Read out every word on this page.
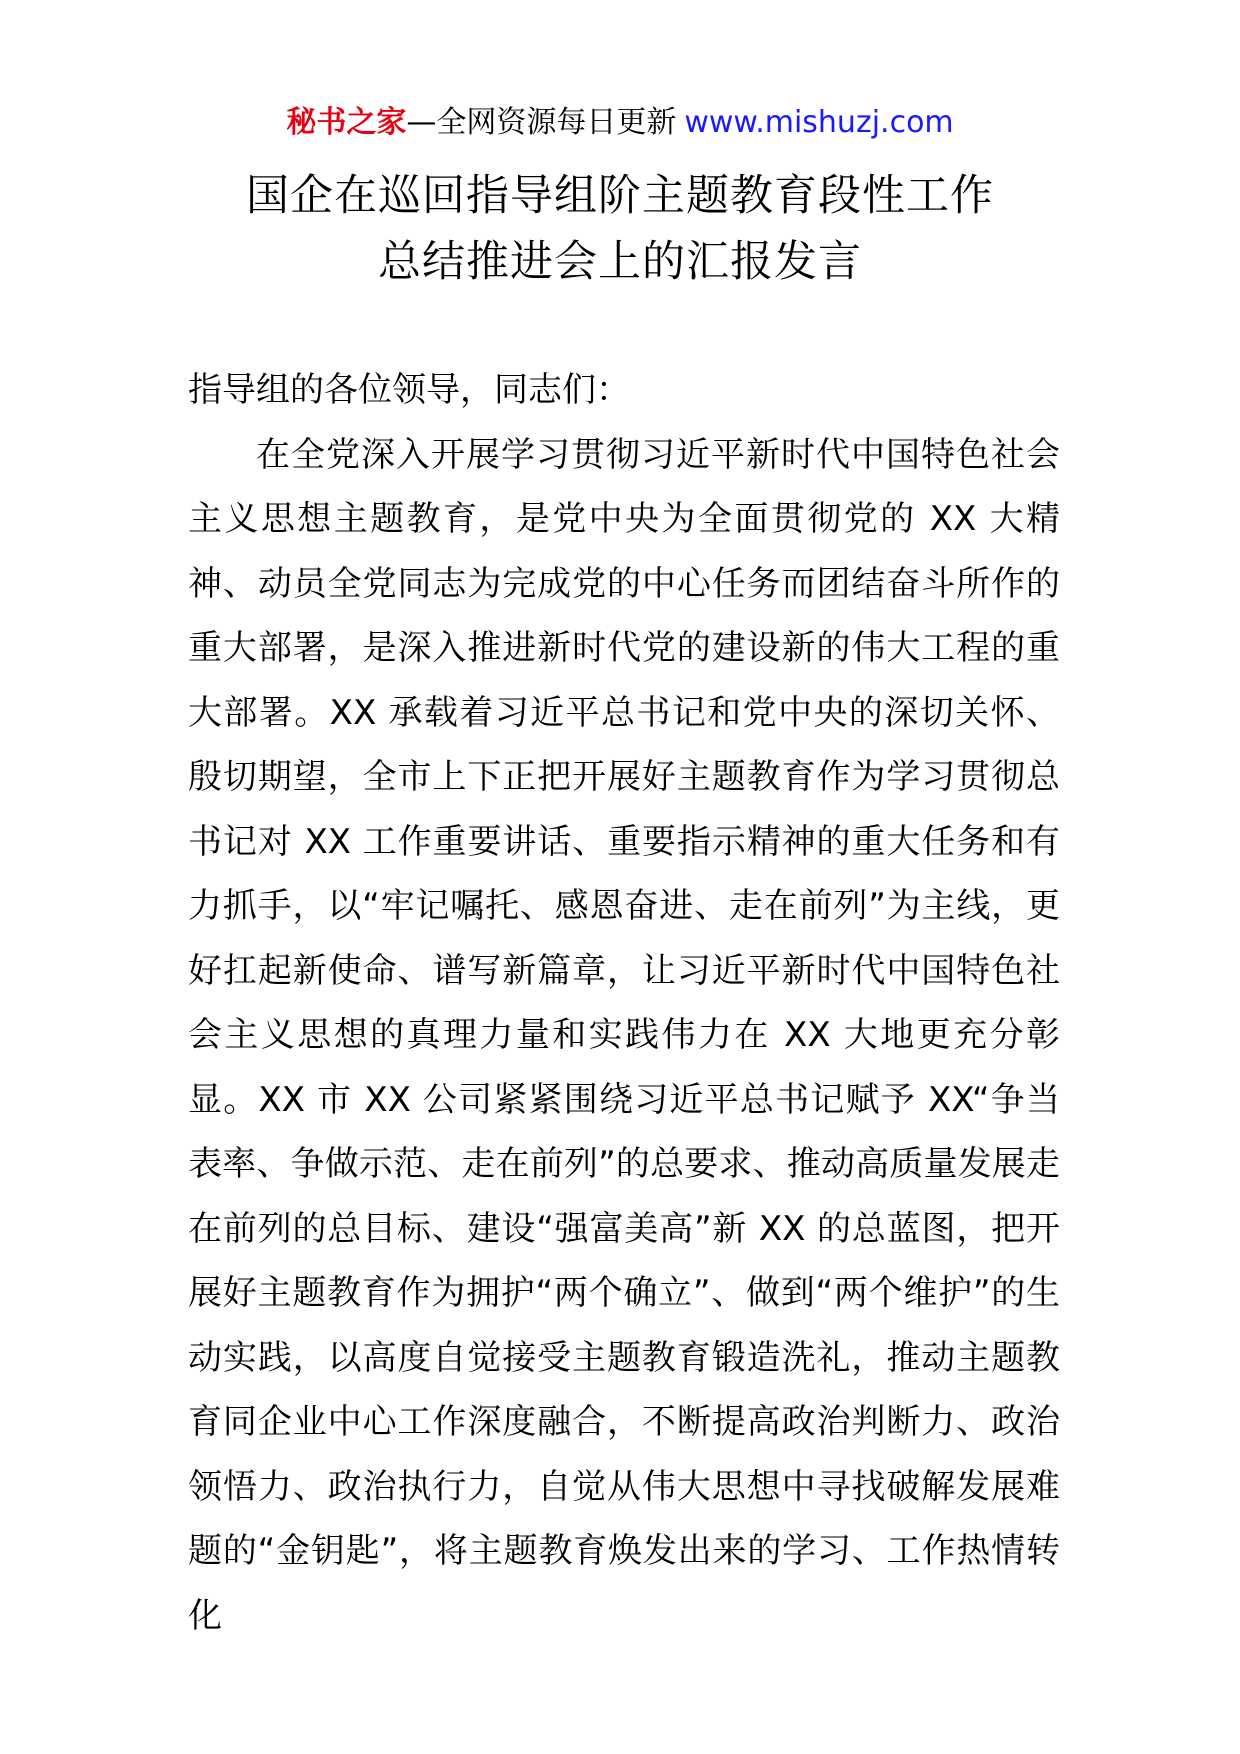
秘书之家—全网资源每日更新 www.mishuzj.com
国企在巡回指导组阶主题教育段性工作
总结推进会上的汇报发言

指导组的各位领导，同志们：

在全党深入开展学习贯彻习近平新时代中国特色社会主义思想主题教育，是党中央为全面贯彻党的 XX 大精神、动员全党同志为完成党的中心任务而团结奋斗所作的重大部署，是深入推进新时代党的建设新的伟大工程的重大部署。XX 承载着习近平总书记和党中央的深切关怀、殷切期望，全市上下正把开展好主题教育作为学习贯彻总书记对 XX 工作重要讲话、重要指示精神的重大任务和有力抓手，以“牢记嘱托、感恩奋进、走在前列”为主线，更好扛起新使命、谱写新篇章，让习近平新时代中国特色社会主义思想的真理力量和实践伟力在 XX 大地更充分彰显。XX 市 XX 公司紧紧围绕习近平总书记赋予 XX“争当表率、争做示范、走在前列”的总要求、推动高质量发展走在前列的总目标、建设“强富美高”新 XX 的总蓝图，把开展好主题教育作为拥护“两个确立”、做到“两个维护”的生动实践，以高度自觉接受主题教育锻造洗礼，推动主题教育同企业中心工作深度融合，不断提高政治判断力、政治领悟力、政治执行力，自觉从伟大思想中寻找破解发展难题的“金钥匙”，将主题教育焕发出来的学习、工作热情转化
